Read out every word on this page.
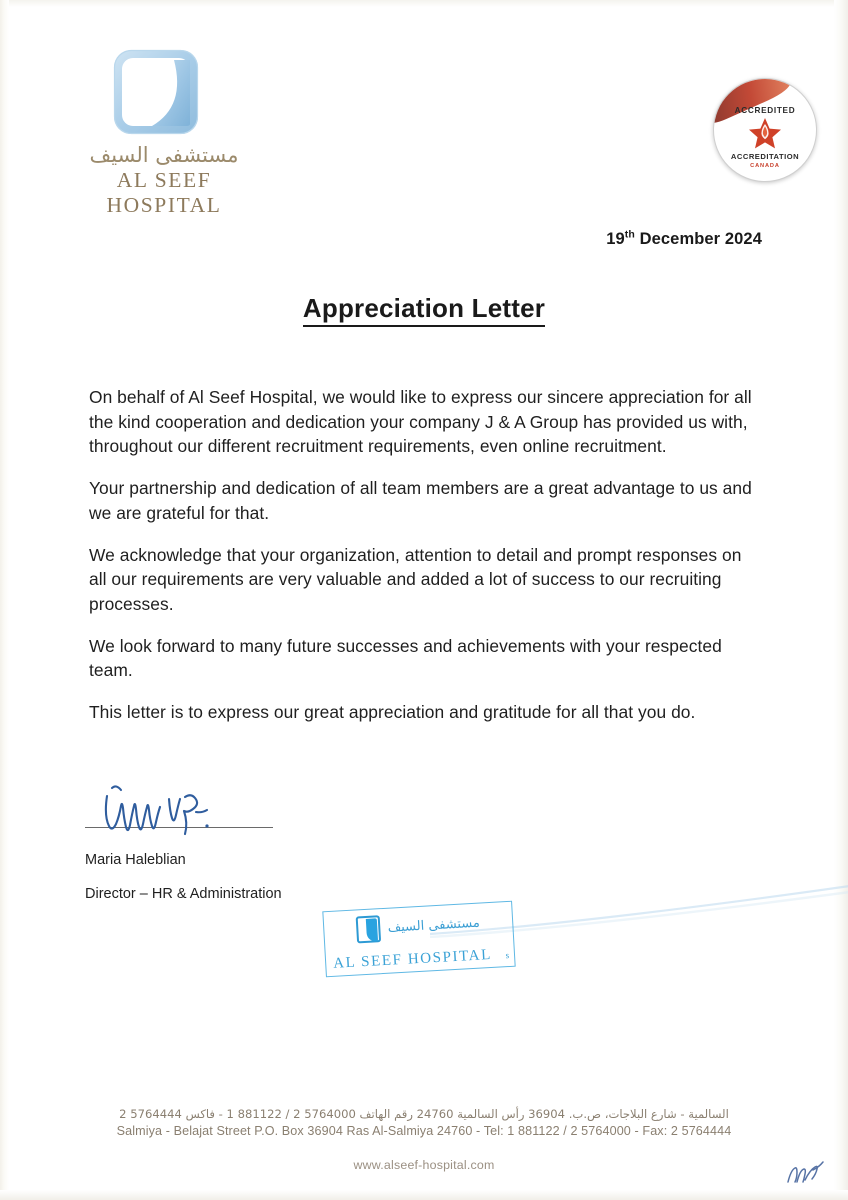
مستشفى السيف
AL SEEF HOSPITAL
ACCREDITED
ACCREDITATION
CANADA
19th December 2024
Appreciation Letter

On behalf of Al Seef Hospital, we would like to express our sincere appreciation for all the kind cooperation and dedication your company J & A Group has provided us with, throughout our different recruitment requirements, even online recruitment.

Your partnership and dedication of all team members are a great advantage to us and we are grateful for that.

We acknowledge that your organization, attention to detail and prompt responses on all our requirements are very valuable and added a lot of success to our recruiting processes.

We look forward to many future successes and achievements with your respected team.

This letter is to express our great appreciation and gratitude for all that you do.

Maria Haleblian
Director – HR & Administration
مستشفى السيف
AL SEEF HOSPITAL s
السالمية - شارع البلاجات، ص.ب. 36904 رأس السالمية 24760 رقم الهاتف 5764000 2 / 881122 1 - فاكس 5764444 2
Salmiya - Belajat Street P.O. Box 36904 Ras Al-Salmiya 24760 - Tel: 1 881122 / 2 5764000 - Fax: 2 5764444
www.alseef-hospital.com
